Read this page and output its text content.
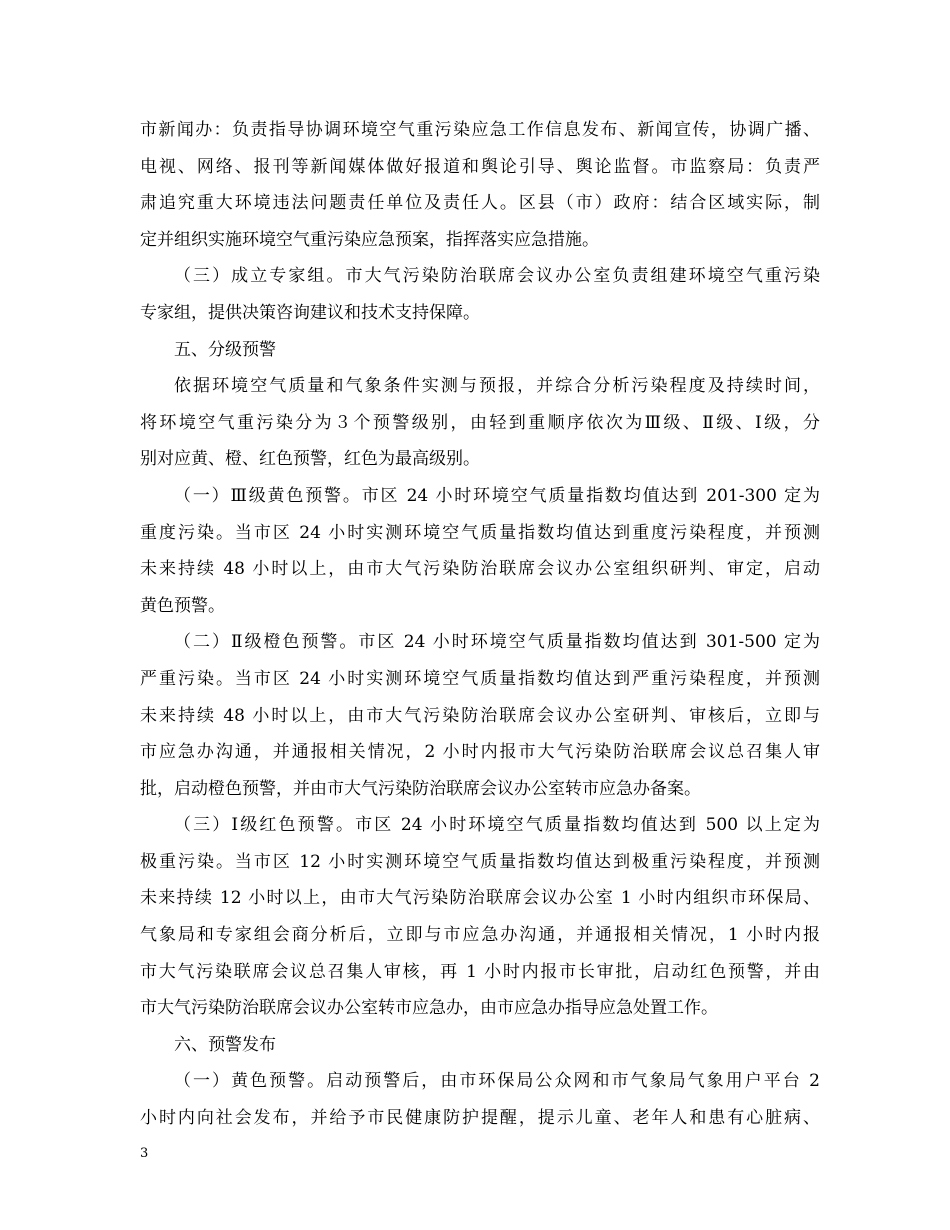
市新闻办：负责指导协调环境空气重污染应急工作信息发布、新闻宣传，协调广播、
电视、网络、报刊等新闻媒体做好报道和舆论引导、舆论监督。市监察局：负责严
肃追究重大环境违法问题责任单位及责任人。区县（市）政府：结合区域实际，制
定并组织实施环境空气重污染应急预案，指挥落实应急措施。
（三）成立专家组。市大气污染防治联席会议办公室负责组建环境空气重污染
专家组，提供决策咨询建议和技术支持保障。
五、分级预警
依据环境空气质量和气象条件实测与预报，并综合分析污染程度及持续时间，
将环境空气重污染分为３个预警级别，由轻到重顺序依次为Ⅲ级、Ⅱ级、Ⅰ级，分
别对应黄、橙、红色预警，红色为最高级别。
（一）Ⅲ级黄色预警。市区 24 小时环境空气质量指数均值达到 201-300 定为
重度污染。当市区 24 小时实测环境空气质量指数均值达到重度污染程度，并预测
未来持续 48 小时以上，由市大气污染防治联席会议办公室组织研判、审定，启动
黄色预警。
（二）Ⅱ级橙色预警。市区 24 小时环境空气质量指数均值达到 301-500 定为
严重污染。当市区 24 小时实测环境空气质量指数均值达到严重污染程度，并预测
未来持续 48 小时以上，由市大气污染防治联席会议办公室研判、审核后，立即与
市应急办沟通，并通报相关情况，2 小时内报市大气污染防治联席会议总召集人审
批，启动橙色预警，并由市大气污染防治联席会议办公室转市应急办备案。
（三）Ⅰ级红色预警。市区 24 小时环境空气质量指数均值达到 500 以上定为
极重污染。当市区 12 小时实测环境空气质量指数均值达到极重污染程度，并预测
未来持续 12 小时以上，由市大气污染防治联席会议办公室 1 小时内组织市环保局、
气象局和专家组会商分析后，立即与市应急办沟通，并通报相关情况，1 小时内报
市大气污染联席会议总召集人审核，再 1 小时内报市长审批，启动红色预警，并由
市大气污染防治联席会议办公室转市应急办，由市应急办指导应急处置工作。
六、预警发布
（一）黄色预警。启动预警后，由市环保局公众网和市气象局气象用户平台 2
小时内向社会发布，并给予市民健康防护提醒，提示儿童、老年人和患有心脏病、
3
